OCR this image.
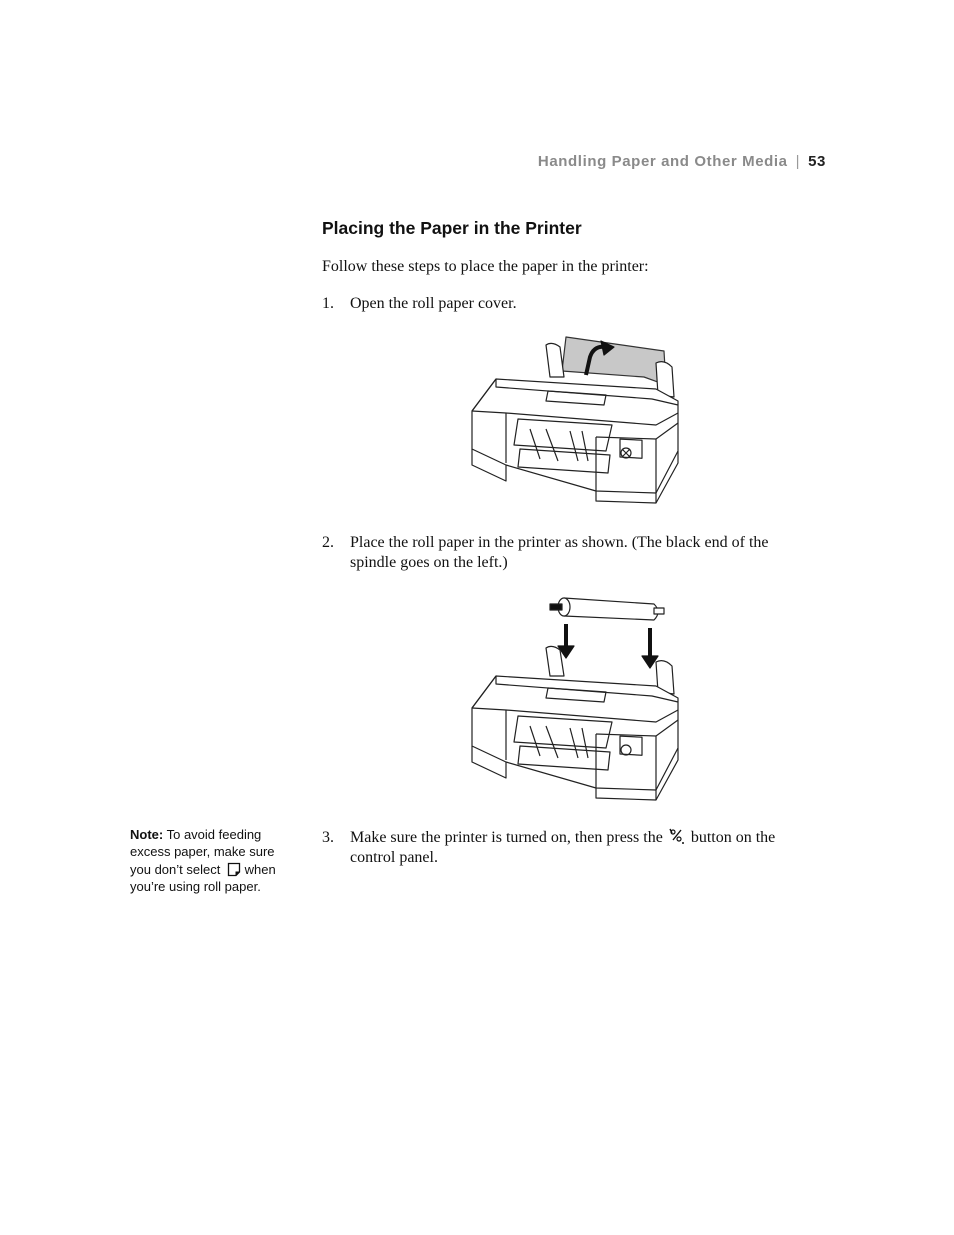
Handling Paper and Other Media | 53
Placing the Paper in the Printer
Follow these steps to place the paper in the printer:
1. Open the roll paper cover.
2. Place the roll paper in the printer as shown. (The black end of the spindle goes on the left.)
Note: To avoid feeding excess paper, make sure you don’t select when you’re using roll paper.
3. Make sure the printer is turned on, then press the button on the control panel.
